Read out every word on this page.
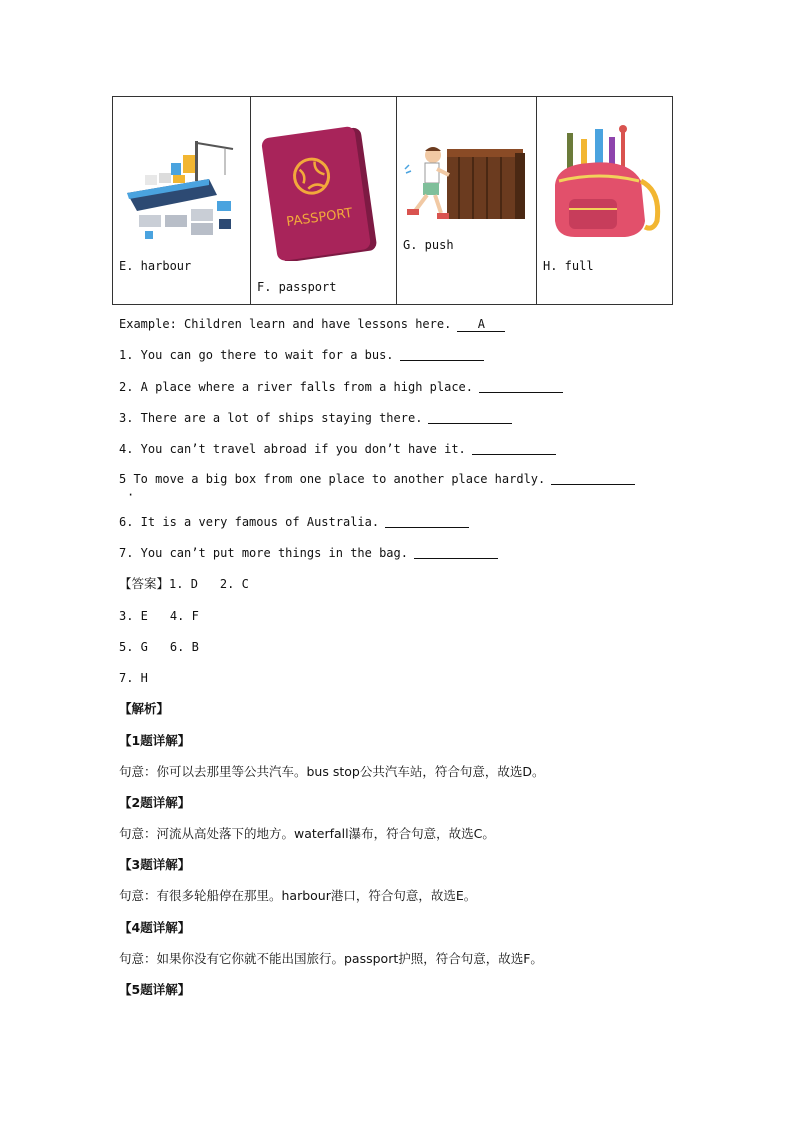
E. harbour
PASSPORT
F. passport
G. push
H. full
Example: Children learn and have lessons here. A
1. You can go there to wait for a bus.
2. A place where a river falls from a high place.
3. There are a lot of ships staying there.
4. You can’t travel abroad if you don’t have it.
5 To move a big box from one place to another place hardly.
·
6. It is a very famous of Australia.
7. You can’t put more things in the bag.
【答案】1. D 2. C
3. E 4. F
5. G 6. B
7. H
【解析】
【1题详解】
句意：你可以去那里等公共汽车。bus stop公共汽车站，符合句意，故选D。
【2题详解】
句意：河流从高处落下的地方。waterfall瀑布，符合句意，故选C。
【3题详解】
句意：有很多轮船停在那里。harbour港口，符合句意，故选E。
【4题详解】
句意：如果你没有它你就不能出国旅行。passport护照，符合句意，故选F。
【5题详解】
